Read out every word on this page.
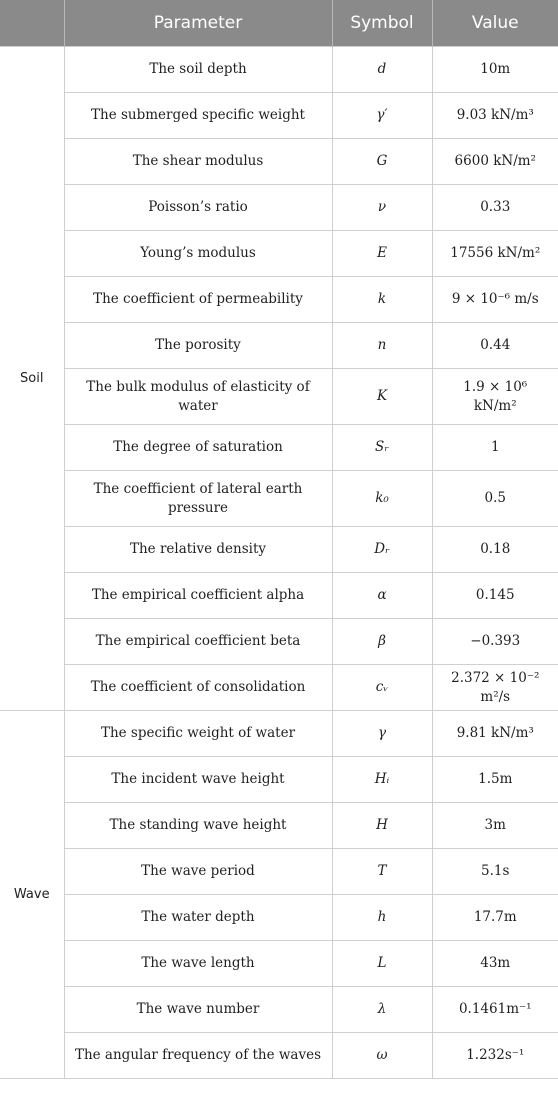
	Parameter	Symbol	Value
Soil	The soil depth	d	10m
	The submerged specific weight	γ′	9.03 kN/m³
	The shear modulus	G	6600 kN/m²
	Poisson’s ratio	ν	0.33
	Young’s modulus	E	17556 kN/m²
	The coefficient of permeability	k	9 × 10⁻⁶ m/s
	The porosity	n	0.44
	The bulk modulus of elasticity of water	K	1.9 × 10⁶ kN/m²
	The degree of saturation	Sᵣ	1
	The coefficient of lateral earth pressure	k₀	0.5
	The relative density	Dᵣ	0.18
	The empirical coefficient alpha	α	0.145
	The empirical coefficient beta	β	−0.393
	The coefficient of consolidation	cᵥ	2.372 × 10⁻² m²/s
Wave	The specific weight of water	γ	9.81 kN/m³
	The incident wave height	Hᵢ	1.5m
	The standing wave height	H	3m
	The wave period	T	5.1s
	The water depth	h	17.7m
	The wave length	L	43m
	The wave number	λ	0.1461m⁻¹
	The angular frequency of the waves	ω	1.232s⁻¹
